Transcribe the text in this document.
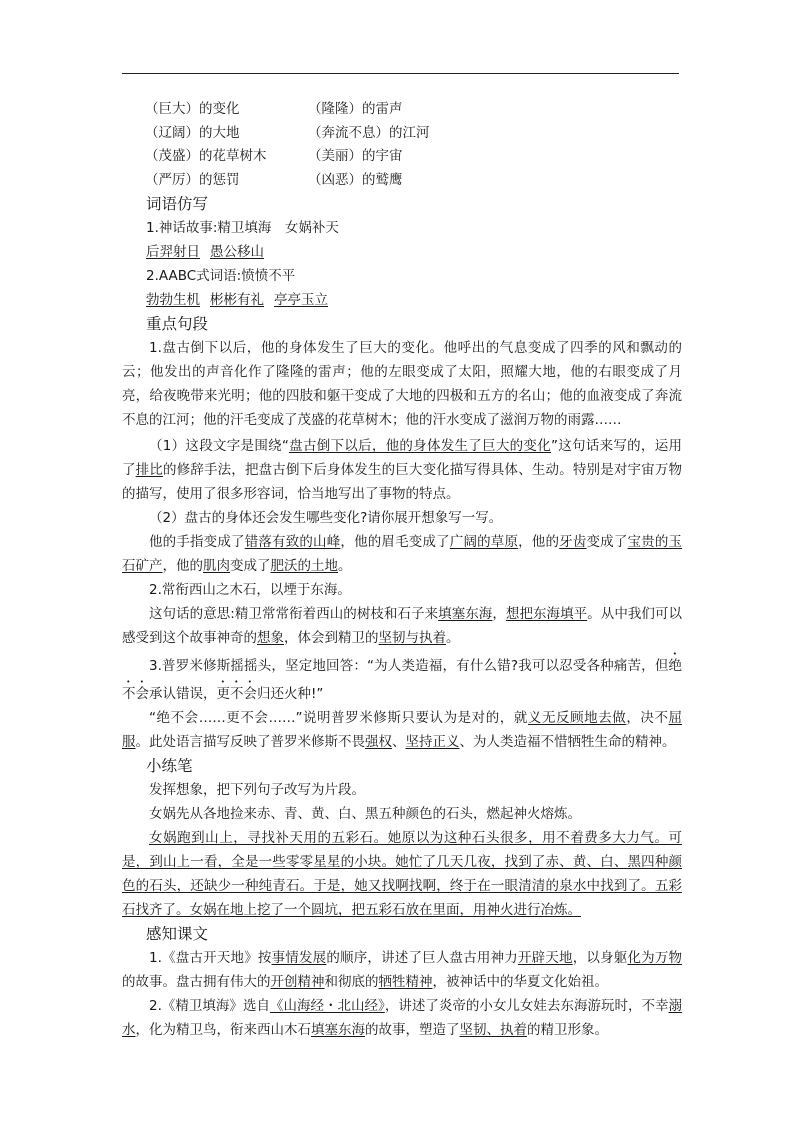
（巨大）的变化	（隆隆）的雷声
（辽阔）的大地	（奔流不息）的江河
（茂盛）的花草树木	（美丽）的宇宙
（严厉）的惩罚	（凶恶）的鹫鹰
词语仿写
1.神话故事:精卫填海　女娲补天
后羿射日 愚公移山
2.AABC式词语:愤愤不平
勃勃生机 彬彬有礼 亭亭玉立
重点句段

1.盘古倒下以后，他的身体发生了巨大的变化。他呼出的气息变成了四季的风和飘动的云；他发出的声音化作了隆隆的雷声；他的左眼变成了太阳，照耀大地，他的右眼变成了月亮，给夜晚带来光明；他的四肢和躯干变成了大地的四极和五方的名山；他的血液变成了奔流不息的江河；他的汗毛变成了茂盛的花草树木；他的汗水变成了滋润万物的雨露……

（1）这段文字是围绕“盘古倒下以后，他的身体发生了巨大的变化”这句话来写的，运用了排比的修辞手法，把盘古倒下后身体发生的巨大变化描写得具体、生动。特别是对宇宙万物的描写，使用了很多形容词，恰当地写出了事物的特点。

（2）盘古的身体还会发生哪些变化?请你展开想象写一写。

他的手指变成了错落有致的山峰，他的眉毛变成了广阔的草原，他的牙齿变成了宝贵的玉石矿产，他的肌肉变成了肥沃的土地。

2.常衔西山之木石，以堙于东海。

这句话的意思:精卫常常衔着西山的树枝和石子来填塞东海，想把东海填平。从中我们可以感受到这个故事神奇的想象，体会到精卫的坚韧与执着。

3.普罗米修斯摇摇头，坚定地回答：“为人类造福，有什么错?我可以忍受各种痛苦，但绝不会承认错误，更不会归还火种!”

“绝不会……更不会……”说明普罗米修斯只要认为是对的，就义无反顾地去做，决不屈服。此处语言描写反映了普罗米修斯不畏强权、坚持正义、为人类造福不惜牺牲生命的精神。

小练笔

发挥想象，把下列句子改写为片段。

女娲先从各地捡来赤、青、黄、白、黑五种颜色的石头，燃起神火熔炼。

女娲跑到山上，寻找补天用的五彩石。她原以为这种石头很多，用不着费多大力气。可是，到山上一看，全是一些零零星星的小块。她忙了几天几夜，找到了赤、黄、白、黑四种颜色的石头，还缺少一种纯青石。于是，她又找啊找啊，终于在一眼清清的泉水中找到了。五彩石找齐了。女娲在地上挖了一个圆坑，把五彩石放在里面，用神火进行冶炼。

感知课文

1.《盘古开天地》按事情发展的顺序，讲述了巨人盘古用神力开辟天地，以身躯化为万物的故事。盘古拥有伟大的开创精神和彻底的牺牲精神，被神话中的华夏文化始祖。

2.《精卫填海》选自《山海经・北山经》，讲述了炎帝的小女儿女娃去东海游玩时，不幸溺水，化为精卫鸟，衔来西山木石填塞东海的故事，塑造了坚韧、执着的精卫形象。
